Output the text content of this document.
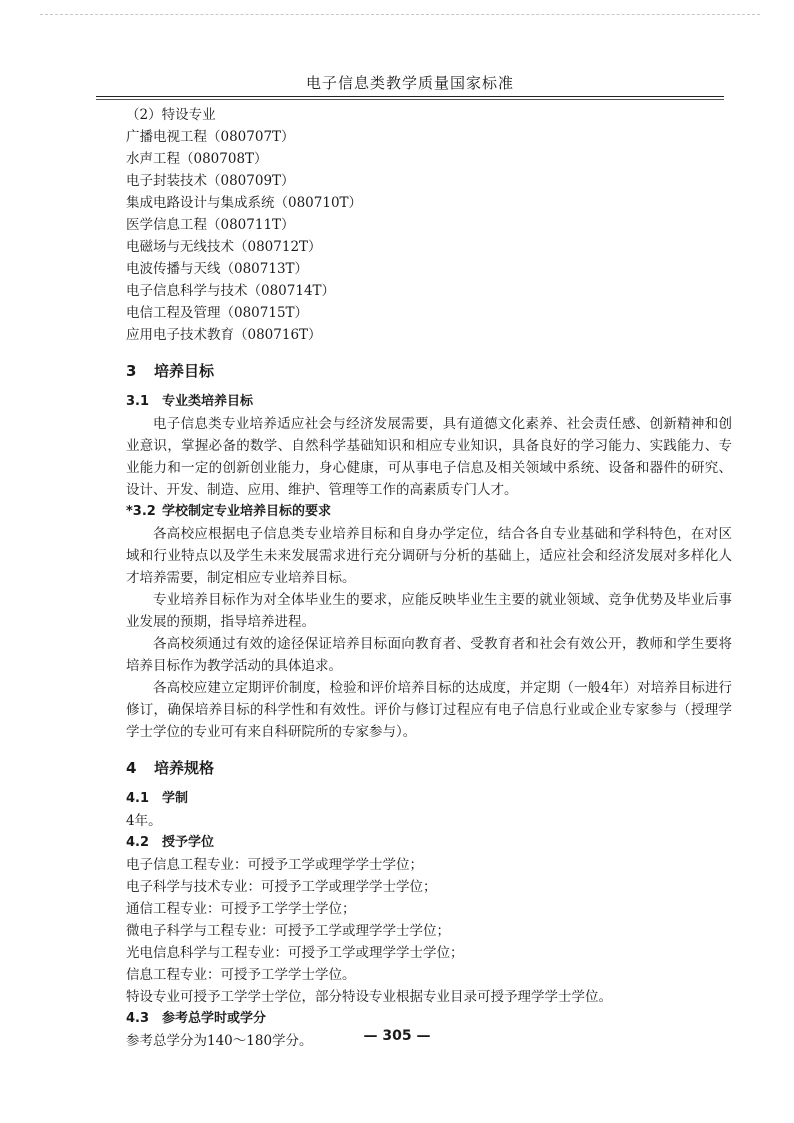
电子信息类教学质量国家标准
（2）特设专业
广播电视工程（080707T）
水声工程（080708T）
电子封装技术（080709T）
集成电路设计与集成系统（080710T）
医学信息工程（080711T）
电磁场与无线技术（080712T）
电波传播与天线（080713T）
电子信息科学与技术（080714T）
电信工程及管理（080715T）
应用电子技术教育（080716T）
3 培养目标
3.1 专业类培养目标
电子信息类专业培养适应社会与经济发展需要，具有道德文化素养、社会责任感、创新精神和创业意识，掌握必备的数学、自然科学基础知识和相应专业知识，具备良好的学习能力、实践能力、专业能力和一定的创新创业能力，身心健康，可从事电子信息及相关领域中系统、设备和器件的研究、设计、开发、制造、应用、维护、管理等工作的高素质专门人才。
*3.2 学校制定专业培养目标的要求
各高校应根据电子信息类专业培养目标和自身办学定位，结合各自专业基础和学科特色，在对区域和行业特点以及学生未来发展需求进行充分调研与分析的基础上，适应社会和经济发展对多样化人才培养需要，制定相应专业培养目标。
专业培养目标作为对全体毕业生的要求，应能反映毕业生主要的就业领域、竞争优势及毕业后事业发展的预期，指导培养进程。
各高校须通过有效的途径保证培养目标面向教育者、受教育者和社会有效公开，教师和学生要将培养目标作为教学活动的具体追求。
各高校应建立定期评价制度，检验和评价培养目标的达成度，并定期（一般4年）对培养目标进行修订，确保培养目标的科学性和有效性。评价与修订过程应有电子信息行业或企业专家参与（授理学学士学位的专业可有来自科研院所的专家参与）。
4 培养规格
4.1 学制
4年。
4.2 授予学位
电子信息工程专业：可授予工学或理学学士学位；
电子科学与技术专业：可授予工学或理学学士学位；
通信工程专业：可授予工学学士学位；
微电子科学与工程专业：可授予工学或理学学士学位；
光电信息科学与工程专业：可授予工学或理学学士学位；
信息工程专业：可授予工学学士学位。
特设专业可授予工学学士学位，部分特设专业根据专业目录可授予理学学士学位。
4.3 参考总学时或学分
参考总学分为140～180学分。	— 305 —
